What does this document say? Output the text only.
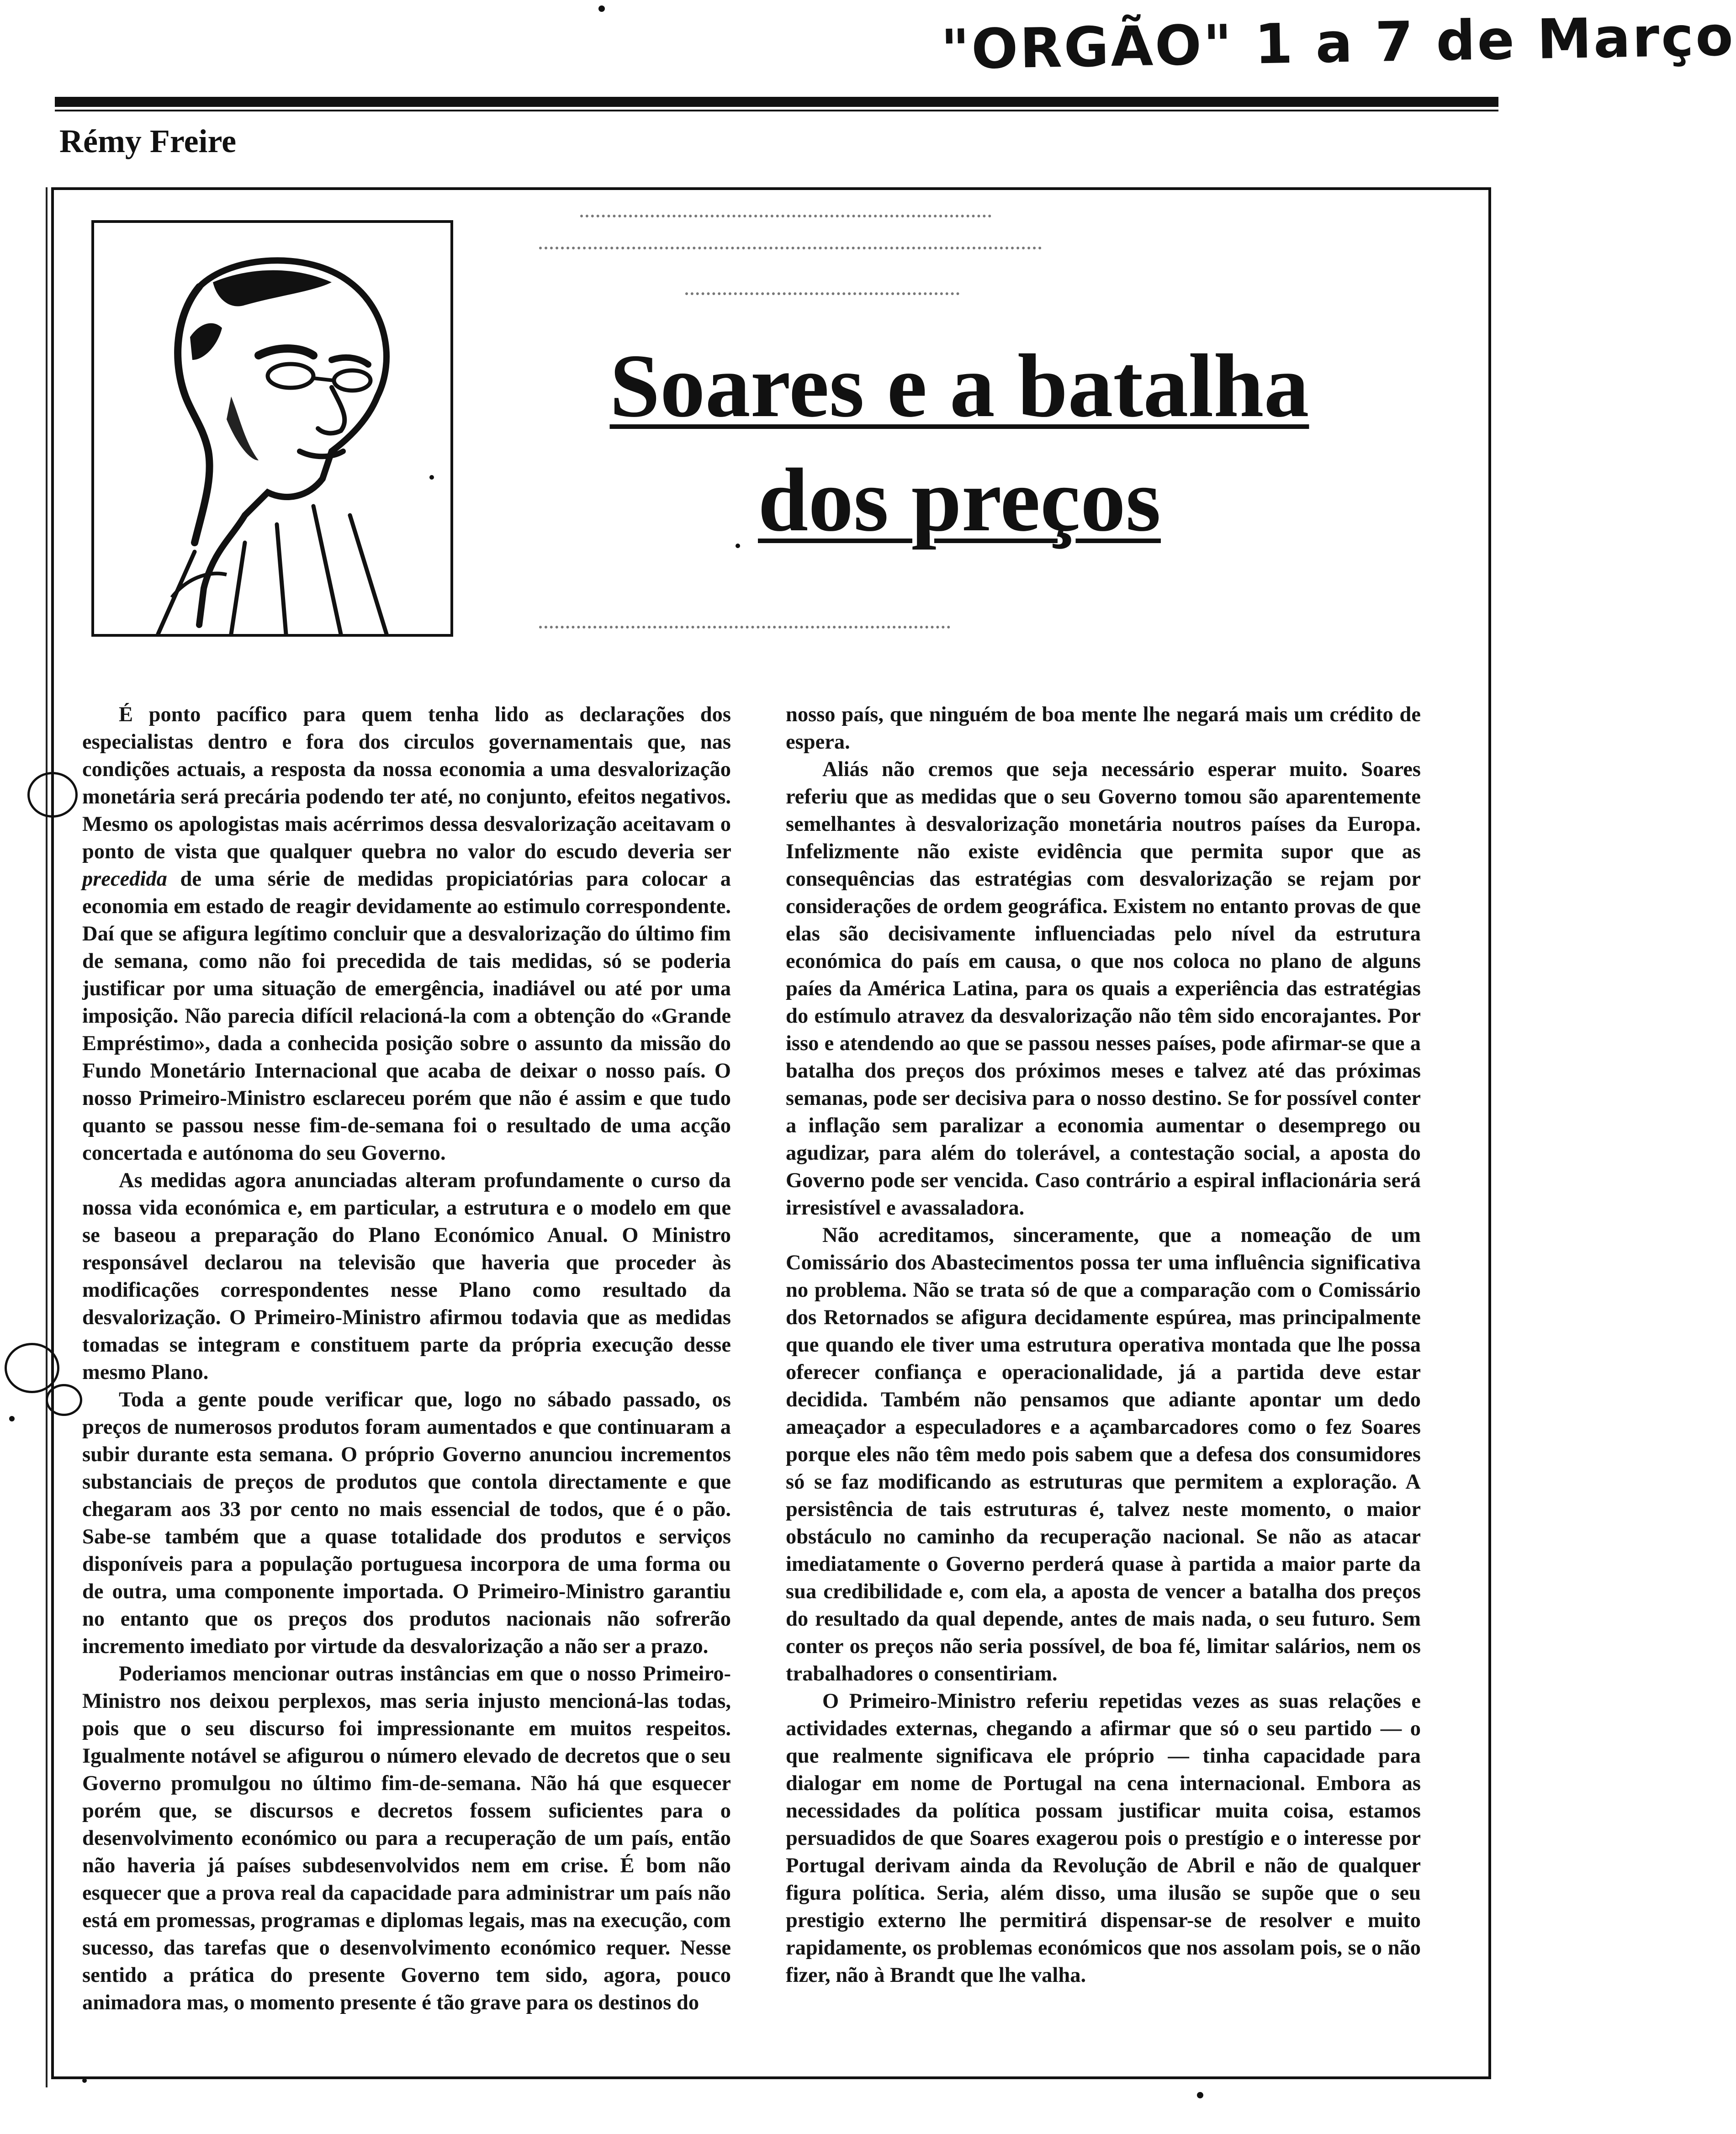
"ORGÃO" 1 a 7 de Março
Rémy Freire
Soares e a batalha
dos preços

É ponto pacífico para quem tenha lido as declarações dos especialistas dentro e fora dos circulos governamentais que, nas condições actuais, a resposta da nossa economia a uma desvalorização monetária será precária podendo ter até, no conjunto, efeitos negativos. Mesmo os apologistas mais acérrimos dessa desvalorização aceitavam o ponto de vista que qualquer quebra no valor do escudo deveria ser precedida de uma série de medidas propiciatórias para colocar a economia em estado de reagir devidamente ao estimulo correspondente. Daí que se afigura legítimo concluir que a desvalorização do último fim de semana, como não foi precedida de tais medidas, só se poderia justificar por uma situação de emergência, inadiável ou até por uma imposição. Não parecia difícil relacioná-la com a obtenção do «Grande Empréstimo», dada a conhecida posição sobre o assunto da missão do Fundo Monetário Internacional que acaba de deixar o nosso país. O nosso Primeiro-Ministro esclareceu porém que não é assim e que tudo quanto se passou nesse fim-de-semana foi o resultado de uma acção concertada e autónoma do seu Governo.

As medidas agora anunciadas alteram profundamente o curso da nossa vida económica e, em particular, a estrutura e o modelo em que se baseou a preparação do Plano Económico Anual. O Ministro responsável declarou na televisão que haveria que proceder às modificações correspondentes nesse Plano como resultado da desvalorização. O Primeiro-Ministro afirmou todavia que as medidas tomadas se integram e constituem parte da própria execução desse mesmo Plano.

Toda a gente poude verificar que, logo no sábado passado, os preços de numerosos produtos foram aumentados e que continuaram a subir durante esta semana. O próprio Governo anunciou incrementos substanciais de preços de produtos que contola directamente e que chegaram aos 33 por cento no mais essencial de todos, que é o pão. Sabe-se também que a quase totalidade dos produtos e serviços disponíveis para a população portuguesa incorpora de uma forma ou de outra, uma componente importada. O Primeiro-Ministro garantiu no entanto que os preços dos produtos nacionais não sofrerão incremento imediato por virtude da desvalorização a não ser a prazo.

Poderiamos mencionar outras instâncias em que o nosso Primeiro-Ministro nos deixou perplexos, mas seria injusto mencioná-las todas, pois que o seu discurso foi impressionante em muitos respeitos. Igualmente notável se afigurou o número elevado de decretos que o seu Governo promulgou no último fim-de-semana. Não há que esquecer porém que, se discursos e decretos fossem suficientes para o desenvolvimento económico ou para a recuperação de um país, então não haveria já países subdesenvolvidos nem em crise. É bom não esquecer que a prova real da capacidade para administrar um país não está em promessas, programas e diplomas legais, mas na execução, com sucesso, das tarefas que o desenvolvimento económico requer. Nesse sentido a prática do presente Governo tem sido, agora, pouco animadora mas, o momento presente é tão grave para os destinos do

nosso país, que ninguém de boa mente lhe negará mais um crédito de espera.

Aliás não cremos que seja necessário esperar muito. Soares referiu que as medidas que o seu Governo tomou são aparentemente semelhantes à desvalorização monetária noutros países da Europa. Infelizmente não existe evidência que permita supor que as consequências das estratégias com desvalorização se rejam por considerações de ordem geográfica. Existem no entanto provas de que elas são decisivamente influenciadas pelo nível da estrutura económica do país em causa, o que nos coloca no plano de alguns paíes da América Latina, para os quais a experiência das estratégias do estímulo atravez da desvalorização não têm sido encorajantes. Por isso e atendendo ao que se passou nesses países, pode afirmar-se que a batalha dos preços dos próximos meses e talvez até das próximas semanas, pode ser decisiva para o nosso destino. Se for possível conter a inflação sem paralizar a economia aumentar o desemprego ou agudizar, para além do tolerável, a contestação social, a aposta do Governo pode ser vencida. Caso contrário a espiral inflacionária será irresistível e avassaladora.

Não acreditamos, sinceramente, que a nomeação de um Comissário dos Abastecimentos possa ter uma influência significativa no problema. Não se trata só de que a comparação com o Comissário dos Retornados se afigura decidamente espúrea, mas principalmente que quando ele tiver uma estrutura operativa montada que lhe possa oferecer confiança e operacionalidade, já a partida deve estar decidida. Também não pensamos que adiante apontar um dedo ameaçador a especuladores e a açambarcadores como o fez Soares porque eles não têm medo pois sabem que a defesa dos consumidores só se faz modificando as estruturas que permitem a exploração. A persistência de tais estruturas é, talvez neste momento, o maior obstáculo no caminho da recuperação nacional. Se não as atacar imediatamente o Governo perderá quase à partida a maior parte da sua credibilidade e, com ela, a aposta de vencer a batalha dos preços do resultado da qual depende, antes de mais nada, o seu futuro. Sem conter os preços não seria possível, de boa fé, limitar salários, nem os trabalhadores o consentiriam.

O Primeiro-Ministro referiu repetidas vezes as suas relações e actividades externas, chegando a afirmar que só o seu partido — o que realmente significava ele próprio — tinha capacidade para dialogar em nome de Portugal na cena internacional. Embora as necessidades da política possam justificar muita coisa, estamos persuadidos de que Soares exagerou pois o prestígio e o interesse por Portugal derivam ainda da Revolução de Abril e não de qualquer figura política. Seria, além disso, uma ilusão se supõe que o seu prestigio externo lhe permitirá dispensar-se de resolver e muito rapidamente, os problemas económicos que nos assolam pois, se o não fizer, não à Brandt que lhe valha.
